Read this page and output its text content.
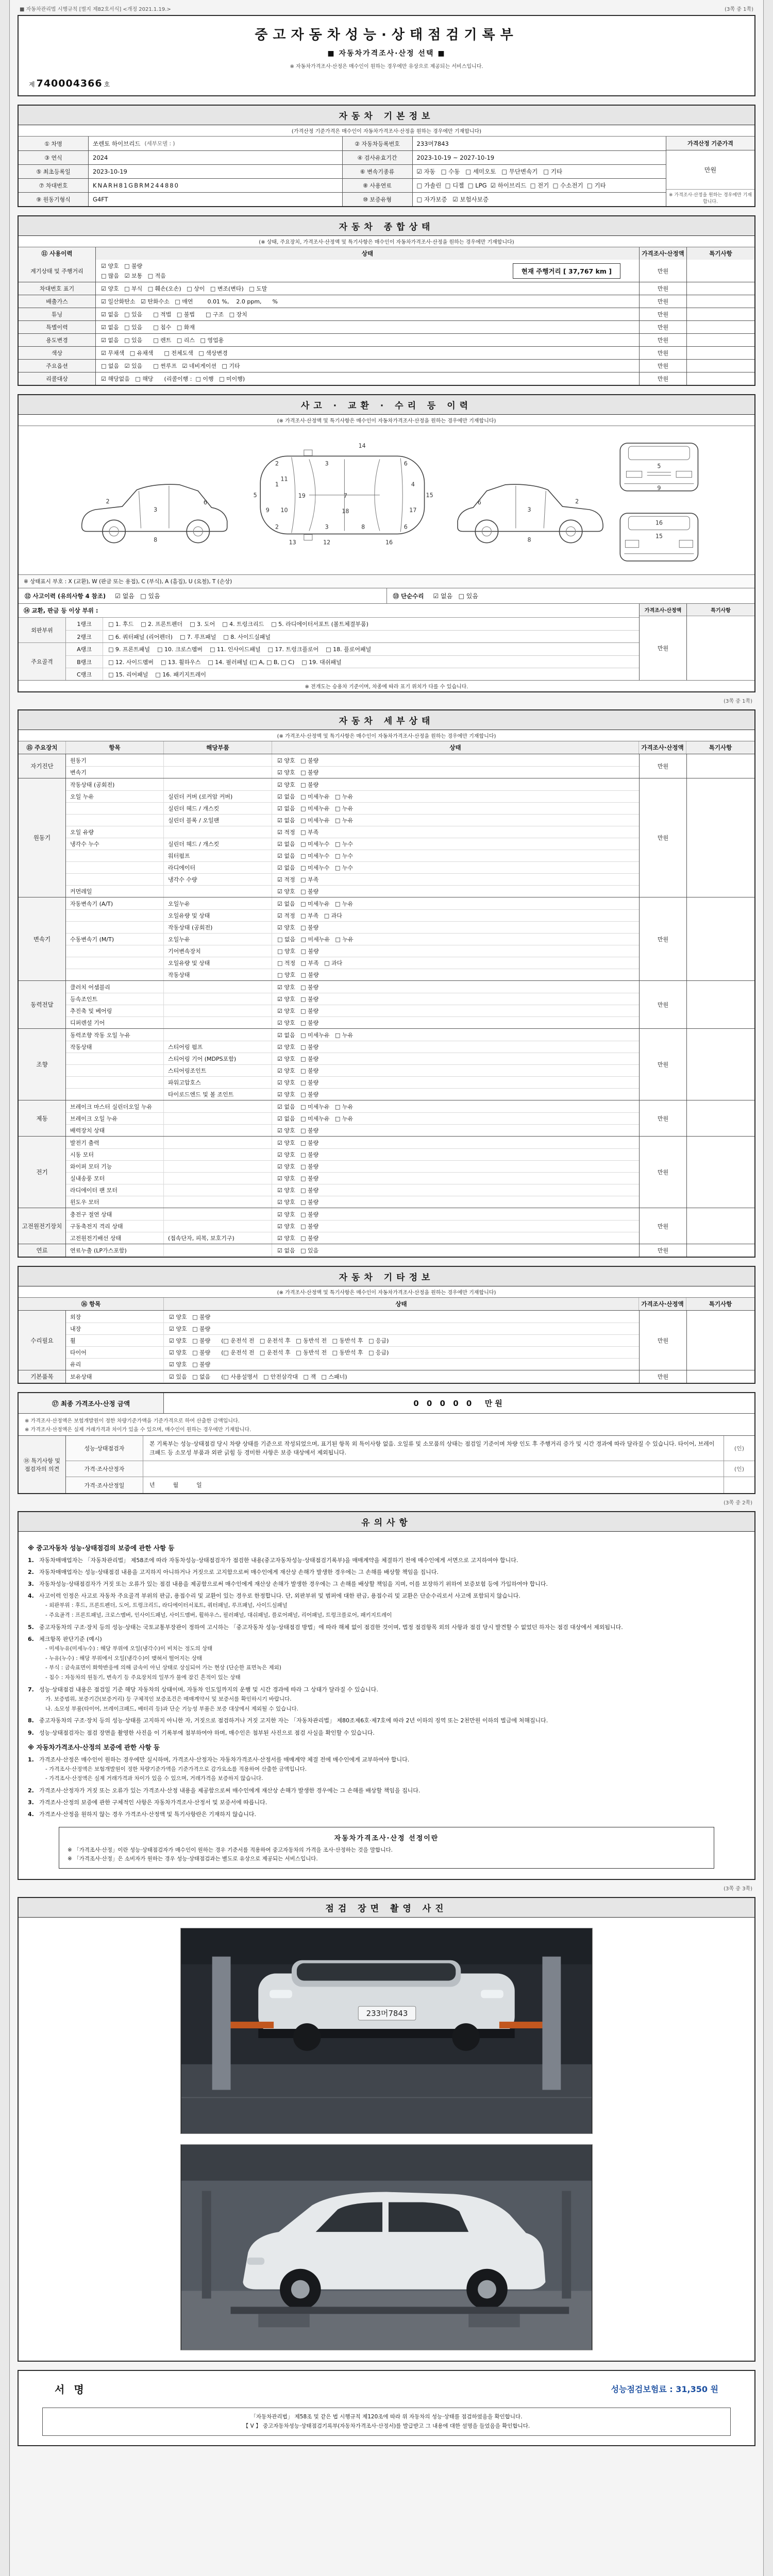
■ 자동차관리법 시행규칙 [별지 제82호서식] <개정 2021.1.19.>	(3쪽 중 1쪽)
중고자동차성능·상태점검기록부
■ 자동차가격조사·산정 선택 ■
※ 자동차가격조사·산정은 매수인이 원하는 경우에만 유상으로 제공되는 서비스입니다.
제 740004366 호
자동차 기본정보
(가격산정 기준가격은 매수인이 자동차가격조사·산정을 원하는 경우에만 기재합니다)
① 차명	쏘렌토 하이브리드 (세부모델 : )	② 자동차등록번호	233머7843
③ 연식	2024	④ 검사유효기간	2023-10-19 ~ 2027-10-19
⑤ 최초등록일	2023-10-19	⑥ 변속기종류	☑ 자동   □ 수동   □ 세미오토   □ 무단변속기   □ 기타
⑦ 차대번호	KNARH81GBRM244880	⑧ 사용연료	□ 가솔린  □ 디젤  □ LPG  ☑ 하이브리드  □ 전기  □ 수소전기  □ 기타
⑨ 원동기형식	G4FT	⑩ 보증유형	□ 자가보증   ☑ 보험사보증
가격산정 기준가격
만원
※ 가격조사·산정을 원하는 경우에만 기재합니다.
자동차 종합상태
(※ 상태, 주요장치, 가격조사·산정액 및 특기사항은 매수인이 자동차가격조사·산정을 원하는 경우에만 기재합니다)
⑪ 사용이력	상태	가격조사·산정액	특기사항
계기상태 및 주행거리
☑ 양호   □ 불량
□ 많음   ☑ 보통   □ 적음
현재 주행거리 [ 37,767 km ]	만원
차대번호 표기	☑ 양호   □ 부식   □ 훼손(오손)   □ 상이   □ 변조(변타)   □ 도말	만원
배출가스	☑ 일산화탄소   ☑ 탄화수소   □ 매연        0.01 %,    2.0 ppm,      %	만원
튜닝	☑ 없음   □ 있음      □ 적법   □ 불법      □ 구조   □ 장치	만원
특별이력	☑ 없음   □ 있음      □ 침수   □ 화재	만원
용도변경	☑ 없음   □ 있음      □ 렌트   □ 리스   □ 영업용	만원
색상	☑ 무채색   □ 유채색      □ 전체도색   □ 색상변경	만원
주요옵션	□ 없음   ☑ 있음      □ 썬루프   ☑ 네비게이션   □ 기타	만원
리콜대상	☑ 해당없음   □ 해당      (리콜이행 :  □ 이행   □ 미이행)	만원
사고 · 교환 · 수리 등 이력
(※ 가격조사·산정액 및 특기사항은 매수인이 자동차가격조사·산정을 원하는 경우에만 기재합니다)
2
3
6
8
5
1
9 10
11
19
2
2
3
3
12
13
14
7
18
8
6
6
4
17
16
15
6
3
2
8
5
9
16
15
※ 상태표시 부호 : X (교환), W (판금 또는 용접), C (부식), A (흠집), U (요철), T (손상)
⑫ 사고이력 (유의사항 4 참조) ☑ 없음   □ 있음	⑬ 단순수리 ☑ 없음   □ 있음
⑭ 교환, 판금 등 이상 부위 :
외판부위
1랭크	□ 1. 후드    □ 2. 프론트펜더    □ 3. 도어    □ 4. 트렁크리드    □ 5. 라디에이터서포트 (볼트체결부품)
2랭크	□ 6. 쿼터패널 (리어펜더)    □ 7. 루프패널    □ 8. 사이드실패널
주요골격
A랭크	□ 9. 프론트패널    □ 10. 크로스멤버    □ 11. 인사이드패널    □ 17. 트렁크플로어    □ 18. 플로어패널
B랭크	□ 12. 사이드멤버    □ 13. 휠하우스    □ 14. 필러패널 (□ A, □ B, □ C)    □ 19. 대쉬패널
C랭크	□ 15. 리어패널    □ 16. 패키지트레이
가격조사·산정액
만원
특기사항
※ 전개도는 승용차 기준이며, 차종에 따라 표기 위치가 다를 수 있습니다.
(3쪽 중 1쪽)
자동차 세부상태
(※ 가격조사·산정액 및 특기사항은 매수인이 자동차가격조사·산정을 원하는 경우에만 기재합니다)
⑮ 주요장치	항목	해당부품	상태	가격조사·산정액	특기사항
자기진단
원동기	☑ 양호   □ 불량
변속기	☑ 양호   □ 불량
만원
원동기
작동상태 (공회전)	☑ 양호   □ 불량
오일 누유	실린더 커버 (로커암 커버)	☑ 없음   □ 미세누유   □ 누유
실린더 헤드 / 개스킷	☑ 없음   □ 미세누유   □ 누유
실린더 블록 / 오일팬	☑ 없음   □ 미세누유   □ 누유
오일 유량	☑ 적정   □ 부족
냉각수 누수	실린더 헤드 / 개스킷	☑ 없음   □ 미세누수   □ 누수
워터펌프	☑ 없음   □ 미세누수   □ 누수
라디에이터	☑ 없음   □ 미세누수   □ 누수
냉각수 수량	☑ 적정   □ 부족
커먼레일	☑ 양호   □ 불량
만원
변속기
자동변속기 (A/T)	오일누유	☑ 없음   □ 미세누유   □ 누유
오일유량 및 상태	☑ 적정   □ 부족   □ 과다
작동상태 (공회전)	☑ 양호   □ 불량
수동변속기 (M/T)	오일누유	□ 없음   □ 미세누유   □ 누유
기어변속장치	□ 양호   □ 불량
오일유량 및 상태	□ 적정   □ 부족   □ 과다
작동상태	□ 양호   □ 불량
만원
동력전달
클러치 어셈블리	☑ 양호   □ 불량
등속조인트	☑ 양호   □ 불량
추진축 및 베어링	☑ 양호   □ 불량
디퍼렌셜 기어	☑ 양호   □ 불량
만원
조향
동력조향 작동 오일 누유	☑ 없음   □ 미세누유   □ 누유
작동상태	스티어링 펌프	☑ 양호   □ 불량
스티어링 기어 (MDPS포함)	☑ 양호   □ 불량
스티어링조인트	☑ 양호   □ 불량
파워고압호스	☑ 양호   □ 불량
타이로드엔드 및 볼 조인트	☑ 양호   □ 불량
만원
제동
브레이크 마스터 실린더오일 누유	☑ 없음   □ 미세누유   □ 누유
브레이크 오일 누유	☑ 없음   □ 미세누유   □ 누유
배력장치 상태	☑ 양호   □ 불량
만원
전기
발전기 출력	☑ 양호   □ 불량
시동 모터	☑ 양호   □ 불량
와이퍼 모터 기능	☑ 양호   □ 불량
실내송풍 모터	☑ 양호   □ 불량
라디에이터 팬 모터	☑ 양호   □ 불량
윈도우 모터	☑ 양호   □ 불량
만원
고전원전기장치
충전구 절연 상태	☑ 양호   □ 불량
구동축전지 격리 상태	☑ 양호   □ 불량
고전원전기배선 상태	(접속단자, 피복, 보호기구)	☑ 양호   □ 불량
만원
연료	연료누출 (LP가스포함)	☑ 없음   □ 있음	만원
자동차 기타정보
(※ 가격조사·산정액 및 특기사항은 매수인이 자동차가격조사·산정을 원하는 경우에만 기재합니다)
⑯ 항목	상태	가격조사·산정액	특기사항
수리필요
외장	☑ 양호   □ 불량
내장	☑ 양호   □ 불량
휠	☑ 양호   □ 불량      (□ 운전석 전   □ 운전석 후   □ 동반석 전   □ 동반석 후   □ 응급)
타이어	☑ 양호   □ 불량      (□ 운전석 전   □ 운전석 후   □ 동반석 전   □ 동반석 후   □ 응급)
유리	☑ 양호   □ 불량
만원
기본품목	보유상태	☑ 있음   □ 없음      (□ 사용설명서   □ 안전삼각대   □ 잭   □ 스패너)	만원
⑰ 최종 가격조사·산정 금액	0 0 0 0 0
만원
※ 가격조사·산정액은 보험개발원이 정한 차량기준가액을 기준가격으로 하여 산출한 금액입니다.
※ 가격조사·산정액은 실제 거래가격과 차이가 있을 수 있으며, 매수인이 원하는 경우에만 기재합니다.
⑱ 특기사항 및 점검자의 의견
성능·상태점검자
본 기록부는 성능·상태점검 당시 차량 상태를 기준으로 작성되었으며, 표기된 항목 외 특이사항 없음. 오일류 및 소모품의 상태는 점검일 기준이며 차량 인도 후 주행거리 증가 및 시간 경과에 따라 달라질 수 있습니다. 타이어, 브레이크패드 등 소모성 부품과 외판 긁힘 등 경미한 사항은 보증 대상에서 제외됩니다.
(인)
가격·조사산정자	(인)
가격·조사산정일	년          월          일
(3쪽 중 2쪽)
유의사항
※ 중고자동차 성능·상태점검의 보증에 관한 사항 등
1. 자동차매매업자는 「자동차관리법」 제58조에 따라 자동차성능·상태점검자가 점검한 내용(중고자동차성능·상태점검기록부)을 매매계약을 체결하기 전에 매수인에게 서면으로 고지하여야 합니다.
2. 자동차매매업자는 성능·상태점검 내용을 고지하지 아니하거나 거짓으로 고지함으로써 매수인에게 재산상 손해가 발생한 경우에는 그 손해를 배상할 책임을 집니다.
3. 자동차성능·상태점검자가 거짓 또는 오류가 있는 점검 내용을 제공함으로써 매수인에게 재산상 손해가 발생한 경우에는 그 손해를 배상할 책임을 지며, 이를 보장하기 위하여 보증보험 등에 가입하여야 합니다.
4. 사고이력 인정은 사고로 자동차 주요골격 부위의 판금, 용접수리 및 교환이 있는 경우로 한정합니다. 단, 외판부위 및 범퍼에 대한 판금, 용접수리 및 교환은 단순수리로서 사고에 포함되지 않습니다.
- 외판부위 : 후드, 프론트펜더, 도어, 트렁크리드, 라디에이터서포트, 쿼터패널, 루프패널, 사이드실패널
- 주요골격 : 프론트패널, 크로스멤버, 인사이드패널, 사이드멤버, 휠하우스, 필러패널, 대쉬패널, 플로어패널, 리어패널, 트렁크플로어, 패키지트레이
5. 중고자동차의 구조·장치 등의 성능·상태는 국토교통부장관이 정하여 고시하는 「중고자동차 성능·상태점검 방법」에 따라 해체 없이 점검한 것이며, 법정 점검항목 외의 사항과 점검 당시 발견할 수 없었던 하자는 점검 대상에서 제외됩니다.
6. 체크항목 판단기준 (예시)
- 미세누유(미세누수) : 해당 부위에 오일(냉각수)이 비치는 정도의 상태
- 누유(누수) : 해당 부위에서 오일(냉각수)이 맺혀서 떨어지는 상태
- 부식 : 금속표면이 화학반응에 의해 금속이 아닌 상태로 상실되어 가는 현상 (단순한 표면녹은 제외)
- 침수 : 자동차의 원동기, 변속기 등 주요장치의 일부가 물에 잠긴 흔적이 있는 상태
7. 성능·상태점검 내용은 점검일 기준 해당 자동차의 상태이며, 자동차 인도일까지의 운행 및 시간 경과에 따라 그 상태가 달라질 수 있습니다.
가. 보증범위, 보증기간(보증거리) 등 구체적인 보증조건은 매매계약서 및 보증서를 확인하시기 바랍니다.
나. 소모성 부품(타이어, 브레이크패드, 배터리 등)과 단순 기능성 부품은 보증 대상에서 제외될 수 있습니다.
8. 중고자동차의 구조·장치 등의 성능·상태를 고지하지 아니한 자, 거짓으로 점검하거나 거짓 고지한 자는 「자동차관리법」 제80조제6호·제7호에 따라 2년 이하의 징역 또는 2천만원 이하의 벌금에 처해집니다.
9. 성능·상태점검자는 점검 장면을 촬영한 사진을 이 기록부에 첨부하여야 하며, 매수인은 첨부된 사진으로 점검 사실을 확인할 수 있습니다.
※ 자동차가격조사·산정의 보증에 관한 사항 등
1. 가격조사·산정은 매수인이 원하는 경우에만 실시하며, 가격조사·산정자는 자동차가격조사·산정서를 매매계약 체결 전에 매수인에게 교부하여야 합니다.
- 가격조사·산정액은 보험개발원이 정한 차량기준가액을 기준가격으로 감가요소를 적용하여 산출한 금액입니다.
- 가격조사·산정액은 실제 거래가격과 차이가 있을 수 있으며, 거래가격을 보증하지 않습니다.
2. 가격조사·산정자가 거짓 또는 오류가 있는 가격조사·산정 내용을 제공함으로써 매수인에게 재산상 손해가 발생한 경우에는 그 손해를 배상할 책임을 집니다.
3. 가격조사·산정의 보증에 관한 구체적인 사항은 자동차가격조사·산정서 및 보증서에 따릅니다.
4. 가격조사·산정을 원하지 않는 경우 가격조사·산정액 및 특기사항란은 기재하지 않습니다.
자동차가격조사·산정 선정이란
※ 「가격조사·산정」이란 성능·상태점검자가 매수인이 원하는 경우 기준서를 적용하여 중고자동차의 가격을 조사·산정하는 것을 말합니다.
※ 「가격조사·산정」은 소비자가 원하는 경우 성능·상태점검과는 별도로 유상으로 제공되는 서비스입니다.
(3쪽 중 3쪽)
점검 장면 촬영 사진
233머7843
서명	성능점검보험료 : 31,350 원
「자동차관리법」 제58조 및 같은 법 시행규칙 제120조에 따라 위 자동차의 성능·상태를 점검하였음을 확인합니다.
【 V 】 중고자동차성능·상태점검기록부(자동차가격조사·산정서)를 발급받고 그 내용에 대한 설명을 들었음을 확인합니다.
